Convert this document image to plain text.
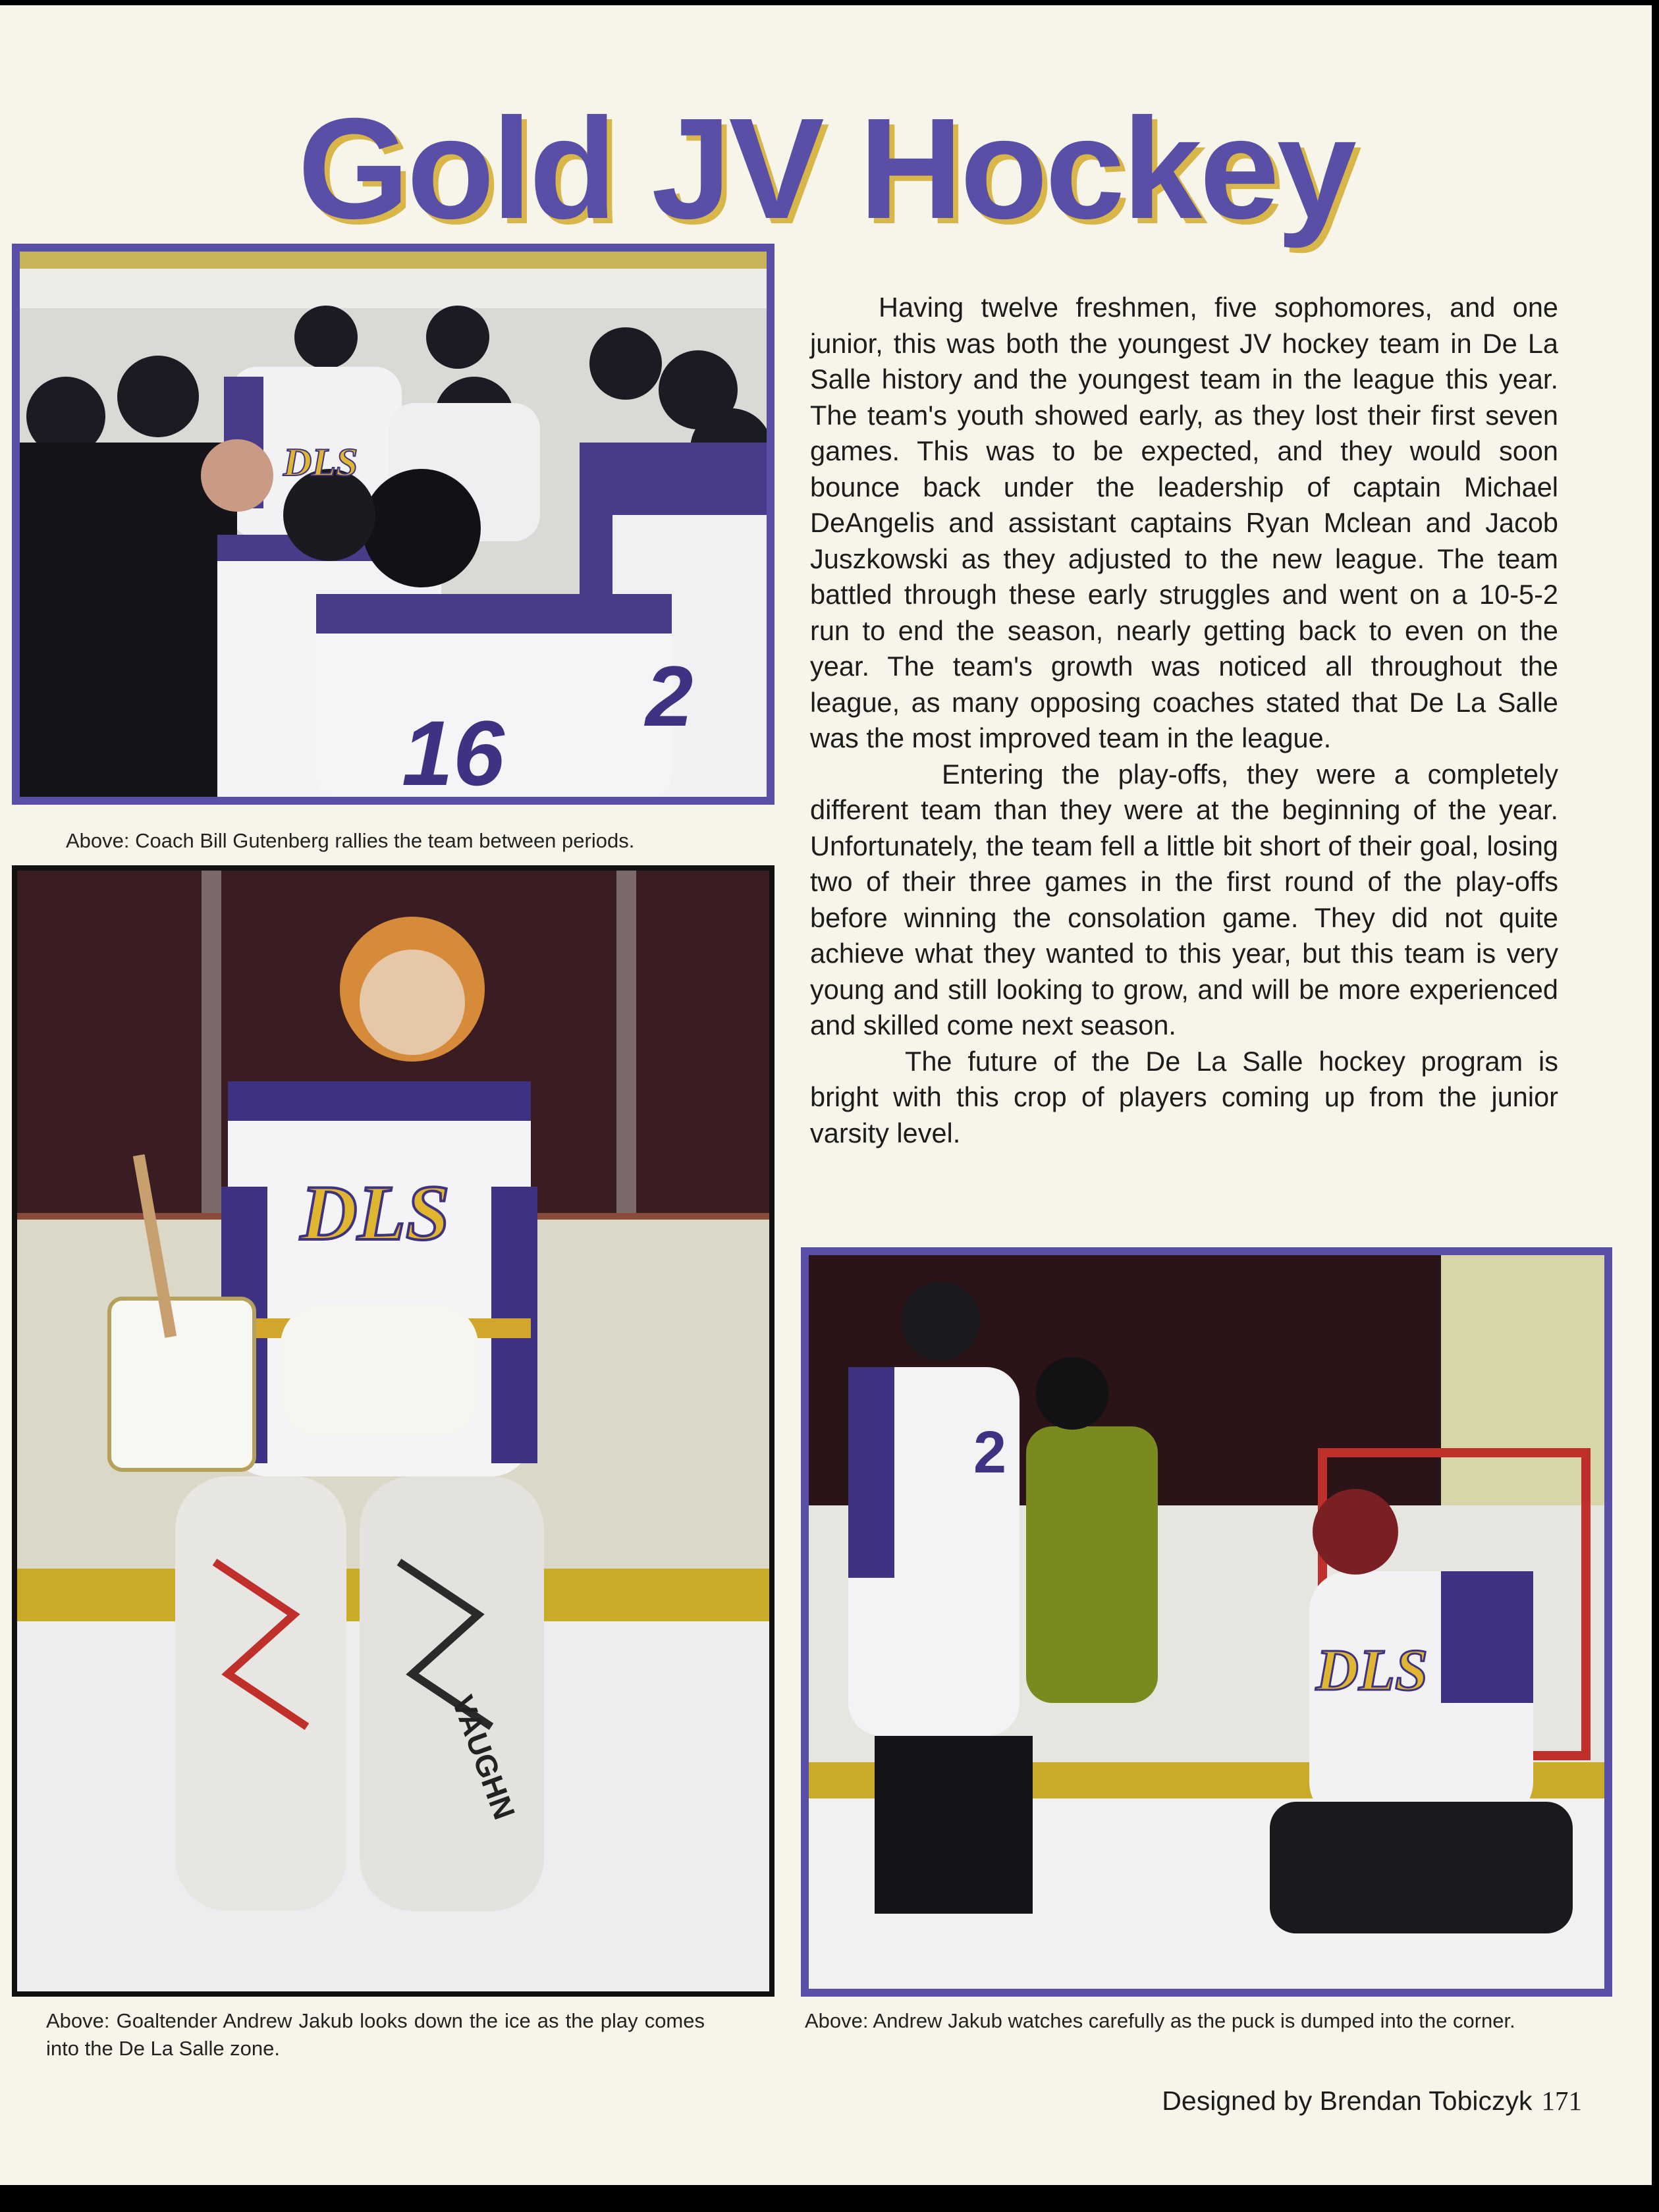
Gold JV Hockey
16
2
DLS
Above: Coach Bill Gutenberg rallies the team between periods.
DLS
VAUGHN
Above: Goaltender Andrew Jakub looks down the ice as the play comes into the De La Salle zone.
2
DLS
Above: Andrew Jakub watches carefully as the puck is dumped into the corner.

Having twelve freshmen, five sophomores, and one junior, this was both the youngest JV hockey team in De La Salle history and the youngest team in the league this year. The team's youth showed early, as they lost their first seven games. This was to be expected, and they would soon bounce back under the leadership of captain Michael DeAngelis and assistant captains Ryan Mclean and Jacob Juszkowski as they adjusted to the new league. The team battled through these early struggles and went on a 10-5-2 run to end the season, nearly getting back to even on the year. The team's growth was noticed all throughout the league, as many opposing coaches stated that De La Salle was the most improved team in the league.

Entering the play-offs, they were a completely different team than they were at the beginning of the year. Unfortunately, the team fell a little bit short of their goal, losing two of their three games in the first round of the play-offs before winning the consolation game. They did not quite achieve what they wanted to this year, but this team is very young and still looking to grow, and will be more experienced and skilled come next season.

The future of the De La Salle hockey program is bright with this crop of players coming up from the junior varsity level.

Designed by Brendan Tobiczyk 171
